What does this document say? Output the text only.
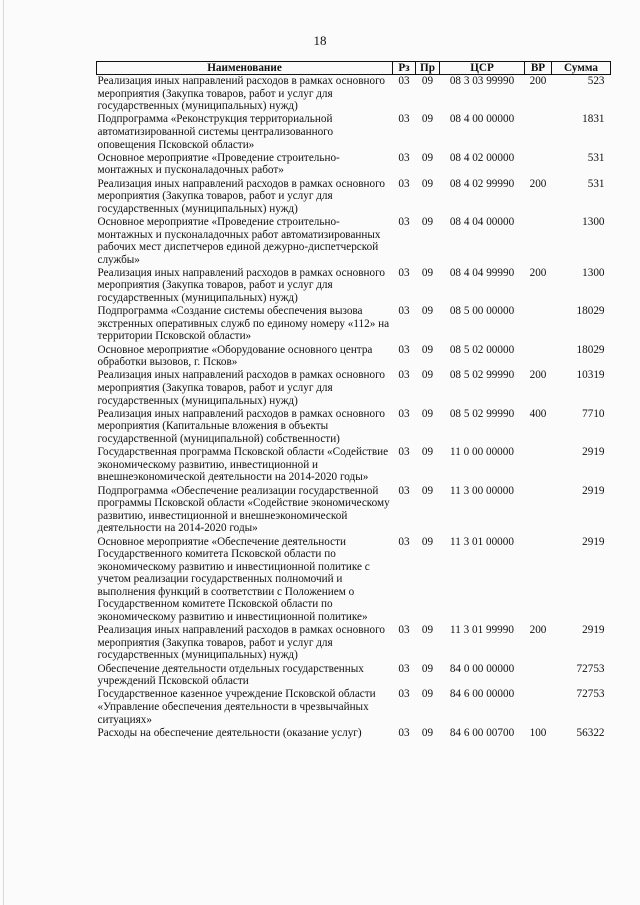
18
Наименование	Рз	Пр	ЦСР	ВР	Сумма
Реализация иных направлений расходов в рамках основного мероприятия (Закупка товаров, работ и услуг для государственных (муниципальных) нужд)	03	09	08 3 03 99990	200	523
Подпрограмма «Реконструкция территориальной автоматизированной системы централизованного оповещения Псковской области»	03	09	08 4 00 00000		1831
Основное мероприятие «Проведение строительно-монтажных и пусконаладочных работ»	03	09	08 4 02 00000		531
Реализация иных направлений расходов в рамках основного мероприятия (Закупка товаров, работ и услуг для государственных (муниципальных) нужд)	03	09	08 4 02 99990	200	531
Основное мероприятие «Проведение строительно-монтажных и пусконаладочных работ автоматизированных рабочих мест диспетчеров единой дежурно-диспетчерской службы»	03	09	08 4 04 00000		1300
Реализация иных направлений расходов в рамках основного мероприятия (Закупка товаров, работ и услуг для государственных (муниципальных) нужд)	03	09	08 4 04 99990	200	1300
Подпрограмма «Создание системы обеспечения вызова экстренных оперативных служб по единому номеру «112» на территории Псковской области»	03	09	08 5 00 00000		18029
Основное мероприятие «Оборудование основного центра обработки вызовов, г. Псков»	03	09	08 5 02 00000		18029
Реализация иных направлений расходов в рамках основного мероприятия (Закупка товаров, работ и услуг для государственных (муниципальных) нужд)	03	09	08 5 02 99990	200	10319
Реализация иных направлений расходов в рамках основного мероприятия (Капитальные вложения в объекты государственной (муниципальной) собственности)	03	09	08 5 02 99990	400	7710
Государственная программа Псковской области «Содействие экономическому развитию, инвестиционной и внешнеэкономической деятельности на 2014-2020 годы»	03	09	11 0 00 00000		2919
Подпрограмма «Обеспечение реализации государственной программы Псковской области «Содействие экономическому развитию, инвестиционной и внешнеэкономической деятельности на 2014-2020 годы»	03	09	11 3 00 00000		2919
Основное мероприятие «Обеспечение деятельности Государственного комитета Псковской области по экономическому развитию и инвестиционной политике с учетом реализации государственных полномочий и выполнения функций в соответствии с Положением о Государственном комитете Псковской области по экономическому развитию и инвестиционной политике»	03	09	11 3 01 00000		2919
Реализация иных направлений расходов в рамках основного мероприятия (Закупка товаров, работ и услуг для государственных (муниципальных) нужд)	03	09	11 3 01 99990	200	2919
Обеспечение деятельности отдельных государственных учреждений Псковской области	03	09	84 0 00 00000		72753
Государственное казенное учреждение Псковской области «Управление обеспечения деятельности в чрезвычайных ситуациях»	03	09	84 6 00 00000		72753
Расходы на обеспечение деятельности (оказание услуг)	03	09	84 6 00 00700	100	56322
